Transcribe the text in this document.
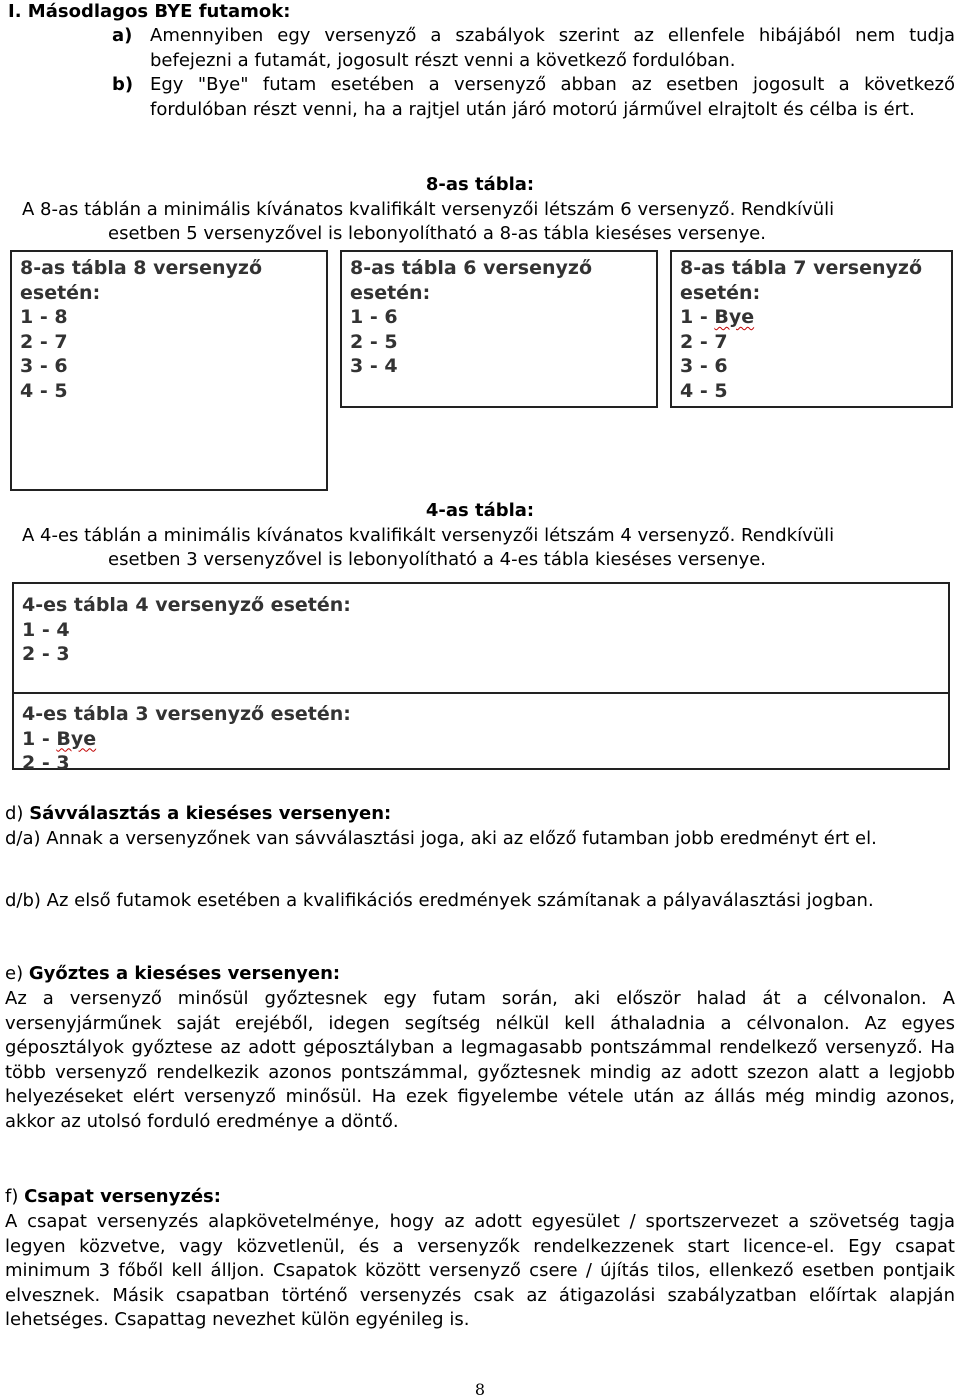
I. Másodlagos BYE futamok:
a) Amennyiben egy versenyző a szabályok szerint az ellenfele hibájából nem tudja befejezni a futamát, jogosult részt venni a következő fordulóban.
b) Egy "Bye" futam esetében a versenyző abban az esetben jogosult a következő fordulóban részt venni, ha a rajtjel után járó motorú járművel elrajtolt és célba is ért.
8-as tábla:
A 8-as táblán a minimális kívánatos kvalifikált versenyzői létszám 6 versenyző. Rendkívüli
esetben 5 versenyzővel is lebonyolítható a 8-as tábla kieséses versenye.
8-as tábla 8 versenyző
esetén:
1 - 8
2 - 7
3 - 6
4 - 5
8-as tábla 6 versenyző
esetén:
1 - 6
2 - 5
3 - 4
8-as tábla 7 versenyző
esetén:
1 - Bye
2 - 7
3 - 6
4 - 5
4-as tábla:
A 4-es táblán a minimális kívánatos kvalifikált versenyzői létszám 4 versenyző. Rendkívüli
esetben 3 versenyzővel is lebonyolítható a 4-es tábla kieséses versenye.
4-es tábla 4 versenyző esetén:
1 - 4
2 - 3
4-es tábla 3 versenyző esetén:
1 - Bye
2 - 3
d) Sávválasztás a kieséses versenyen:
d/a) Annak a versenyzőnek van sávválasztási joga, aki az előző futamban jobb eredményt ért el.
d/b) Az első futamok esetében a kvalifikációs eredmények számítanak a pályaválasztási jogban.
e) Győztes a kieséses versenyen:
Az a versenyző minősül győztesnek egy futam során, aki először halad át a célvonalon. A versenyjárműnek saját erejéből, idegen segítség nélkül kell áthaladnia a célvonalon. Az egyes géposztályok győztese az adott géposztályban a legmagasabb pontszámmal rendelkező versenyző. Ha több versenyző rendelkezik azonos pontszámmal, győztesnek mindig az adott szezon alatt a legjobb helyezéseket elért versenyző minősül. Ha ezek figyelembe vétele után az állás még mindig azonos, akkor az utolsó forduló eredménye a döntő.
f) Csapat versenyzés:
A csapat versenyzés alapkövetelménye, hogy az adott egyesület / sportszervezet a szövetség tagja legyen közvetve, vagy közvetlenül, és a versenyzők rendelkezzenek start licence-el. Egy csapat minimum 3 főből kell álljon. Csapatok között versenyző csere / újítás tilos, ellenkező esetben pontjaik elvesznek. Másik csapatban történő versenyzés csak az átigazolási szabályzatban előírtak alapján lehetséges. Csapattag nevezhet külön egyénileg is.
8
